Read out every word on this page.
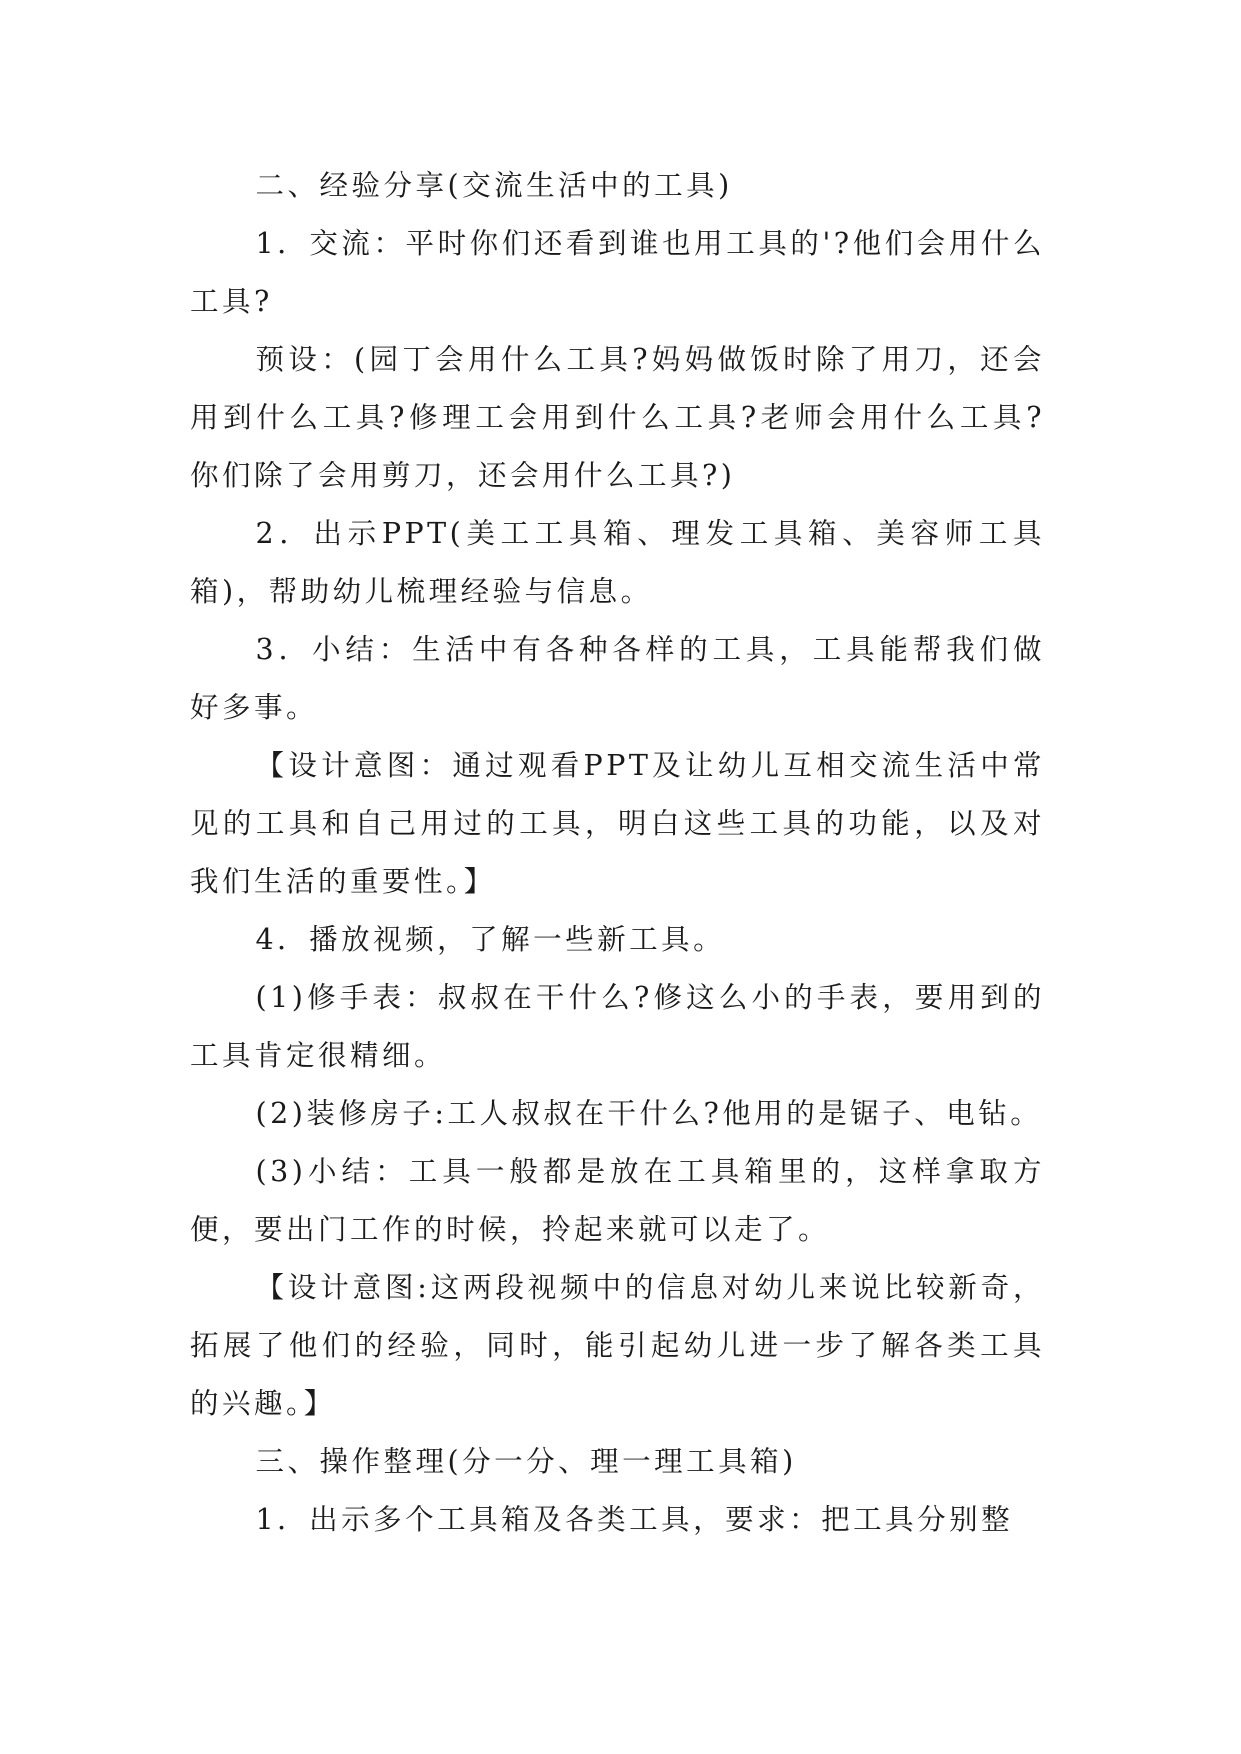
二、经验分享(交流生活中的工具)

1．交流：平时你们还看到谁也用工具的'?他们会用什么工具?

预设：(园丁会用什么工具?妈妈做饭时除了用刀，还会用到什么工具?修理工会用到什么工具?老师会用什么工具?你们除了会用剪刀，还会用什么工具?)

2．出示PPT(美工工具箱、理发工具箱、美容师工具箱)，帮助幼儿梳理经验与信息。

3．小结：生活中有各种各样的工具，工具能帮我们做好多事。

【设计意图：通过观看PPT及让幼儿互相交流生活中常见的工具和自己用过的工具，明白这些工具的功能，以及对我们生活的重要性。】

4．播放视频，了解一些新工具。

(1)修手表：叔叔在干什么?修这么小的手表，要用到的工具肯定很精细。

(2)装修房子:工人叔叔在干什么?他用的是锯子、电钻。

(3)小结：工具一般都是放在工具箱里的，这样拿取方便，要出门工作的时候，拎起来就可以走了。

【设计意图:这两段视频中的信息对幼儿来说比较新奇，拓展了他们的经验，同时，能引起幼儿进一步了解各类工具的兴趣。】

三、操作整理(分一分、理一理工具箱)

1．出示多个工具箱及各类工具，要求：把工具分别整
